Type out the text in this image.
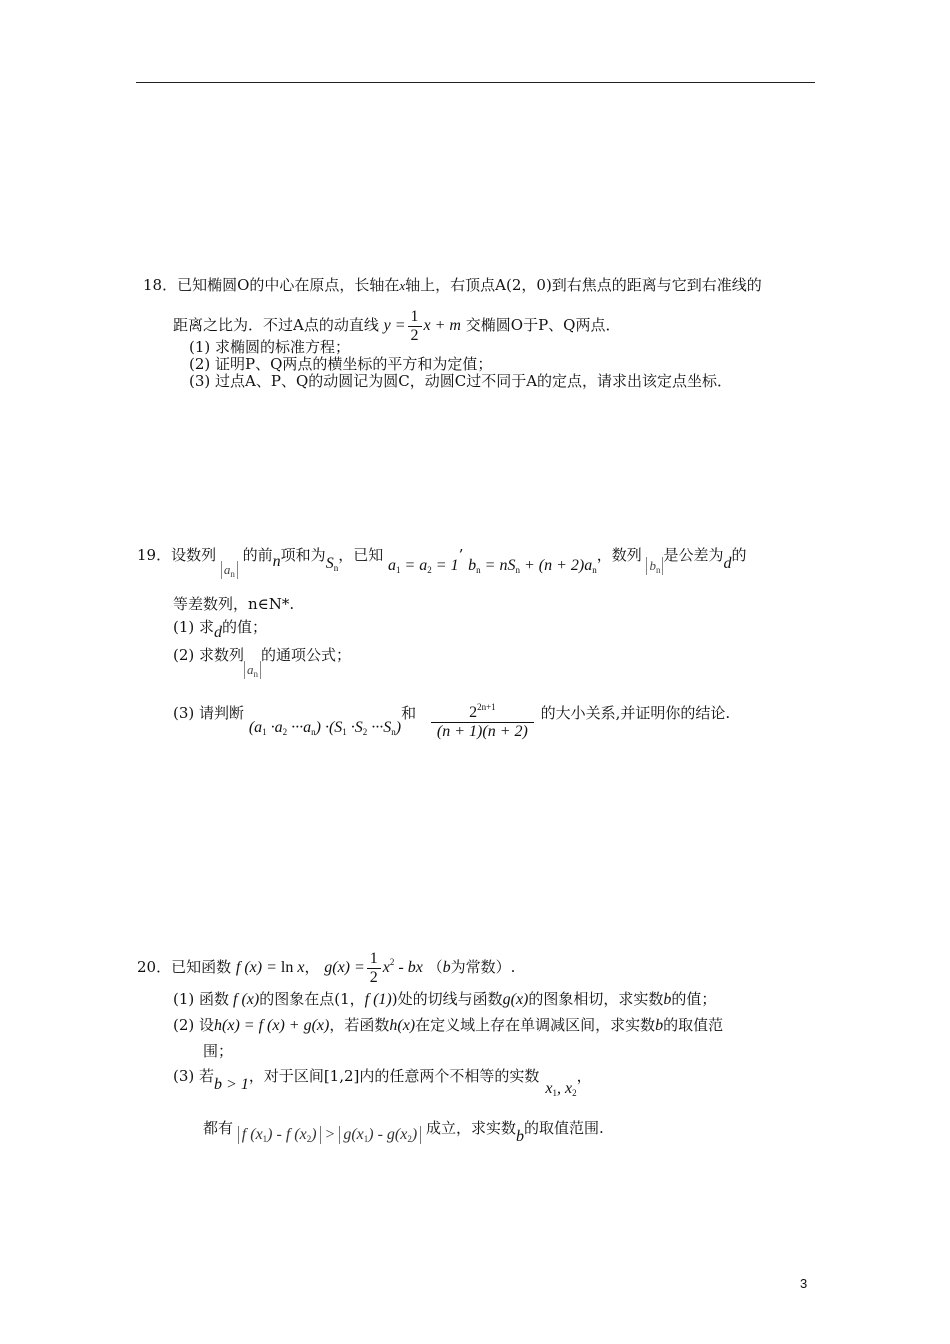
18．已知椭圆O的中心在原点，长轴在x轴上，右顶点A(2，0)到右焦点的距离与它到右准线的
距离之比为．不过A点的动直线 $y = \frac{1}{2}$ x + m 交椭圆O于P、Q两点．
(1) 求椭圆的标准方程；
(2) 证明P、Q两点的横坐标的平方和为定值；
(3) 过点A、P、Q的动圆记为圆C，动圆C过不同于A的定点，请求出该定点坐标．
19．设数列 $a_n$ 的前n项和为$S_n$，已知 $a_1 = a_2 = 1$’ $b_n = nS_n + (n + 2)a_n$，数列 $b_n$是公差为d的
等差数列，n∈N*.
(1) 求d的值；
(2) 求数列$a_n$的通项公式；
(3) 请判断 $(a_1 \cdot a_2 \cdot\cdot\cdot a_n) \cdot(S_1 \cdot S_2 \cdot\cdot\cdot S_n)$和 $\frac{2^{2n+1}}{(n + 1)(n + 2)}$ 的大小关系,并证明你的结论.
20．已知函数 f (x) = ln x， $g(x) = \frac{1}{2} x^2$ - bx （b为常数）.
(1) 函数 f (x)的图象在点(1，f (1))处的切线与函数g(x)的图象相切，求实数b的值；
(2) 设h(x) = f (x) + g(x)，若函数h(x)在定义域上存在单调减区间，求实数b的取值范
围；
(3) 若b > 1，对于区间[1,2]内的任意两个不相等的实数$x_1$, $x_2$，
都有 f $(x_1)$ - f $(x_2) > g(x_1) - g(x_2)$ 成立，求实数b的取值范围.
3
